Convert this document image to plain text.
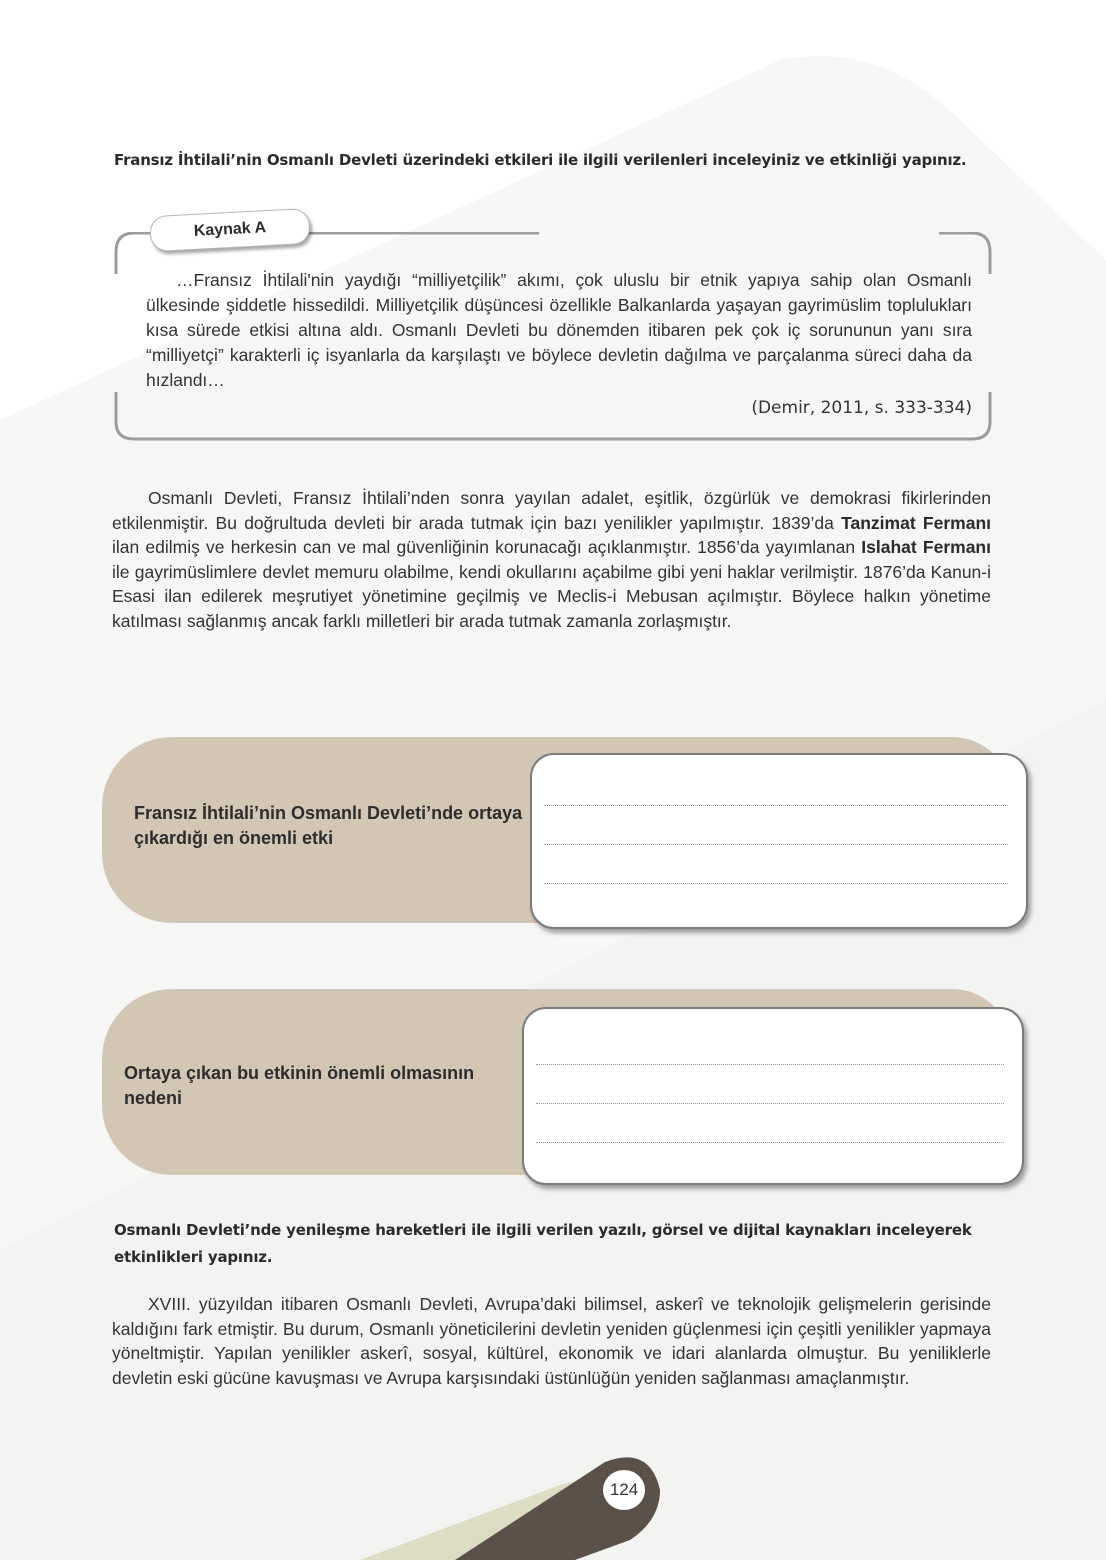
Fransız İhtilali’nin Osmanlı Devleti üzerindeki etkileri ile ilgili verilenleri inceleyiniz ve etkinliği yapınız.
Kaynak A
…Fransız İhtilali'nin yaydığı “milliyetçilik” akımı, çok uluslu bir etnik yapıya sahip olan Osmanlı ülkesinde şiddetle hissedildi. Milliyetçilik düşüncesi özellikle Balkanlarda yaşayan gayrimüslim toplulukları kısa sürede etkisi altına aldı. Osmanlı Devleti bu dönemden itibaren pek çok iç sorununun yanı sıra “milliyetçi” karakterli iç isyanlarla da karşılaştı ve böylece devletin dağılma ve parçalanma süreci daha da hızlandı…
(Demir, 2011, s. 333-334)
Osmanlı Devleti, Fransız İhtilali’nden sonra yayılan adalet, eşitlik, özgürlük ve demokrasi fikirlerinden etkilenmiştir. Bu doğrultuda devleti bir arada tutmak için bazı yenilikler yapılmıştır. 1839’da Tanzimat Fermanı ilan edilmiş ve herkesin can ve mal güvenliğinin korunacağı açıklanmıştır. 1856’da yayımlanan Islahat Fermanı ile gayrimüslimlere devlet memuru olabilme, kendi okullarını açabilme gibi yeni haklar verilmiştir. 1876’da Kanun-i Esasi ilan edilerek meşrutiyet yönetimine geçilmiş ve Meclis-i Mebusan açılmıştır. Böylece halkın yönetime katılması sağlanmış ancak farklı milletleri bir arada tutmak zamanla zorlaşmıştır.
Fransız İhtilali’nin Osmanlı Devleti’nde ortaya çıkardığı en önemli etki
Ortaya çıkan bu etkinin önemli olmasının nedeni
Osmanlı Devleti’nde yenileşme hareketleri ile ilgili verilen yazılı, görsel ve dijital kaynakları inceleyerek etkinlikleri yapınız.
XVIII. yüzyıldan itibaren Osmanlı Devleti, Avrupa’daki bilimsel, askerî ve teknolojik gelişmelerin gerisinde kaldığını fark etmiştir. Bu durum, Osmanlı yöneticilerini devletin yeniden güçlenmesi için çeşitli yenilikler yapmaya yöneltmiştir. Yapılan yenilikler askerî, sosyal, kültürel, ekonomik ve idari alanlarda olmuştur. Bu yeniliklerle devletin eski gücüne kavuşması ve Avrupa karşısındaki üstünlüğün yeniden sağlanması amaçlanmıştır.
124
